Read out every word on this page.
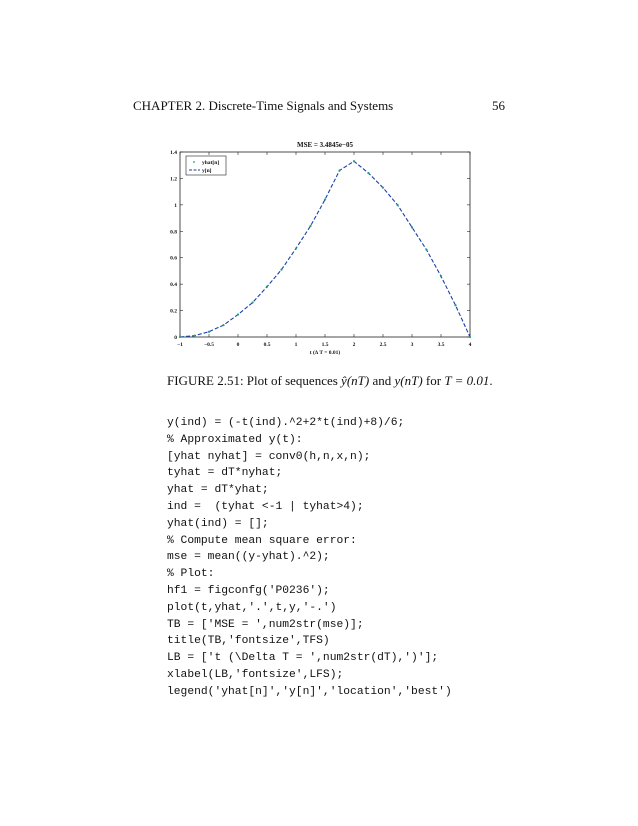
CHAPTER 2. Discrete-Time Signals and Systems	56
−1	−0.5	0	0.5	1	1.5	2	2.5	3	3.5	4
0
0.2
0.4
0.6
0.8
1
1.2
1.4
MSE = 3.4845e−05
t (Δ T = 0.01)
yhat[n]
y[n]
FIGURE 2.51: Plot of sequences ŷ(nT) and y(nT) for T = 0.01.
y(ind) = (-t(ind).^2+2*t(ind)+8)/6;
% Approximated y(t):
[yhat nyhat] = conv0(h,n,x,n);
tyhat = dT*nyhat;
yhat = dT*yhat;
ind =  (tyhat <-1 | tyhat>4);
yhat(ind) = [];
% Compute mean square error:
mse = mean((y-yhat).^2);
% Plot:
hf1 = figconfg('P0236');
plot(t,yhat,'.',t,y,'-.')
TB = ['MSE = ',num2str(mse)];
title(TB,'fontsize',TFS)
LB = ['t (\Delta T = ',num2str(dT),')'];
xlabel(LB,'fontsize',LFS);
legend('yhat[n]','y[n]','location','best')
